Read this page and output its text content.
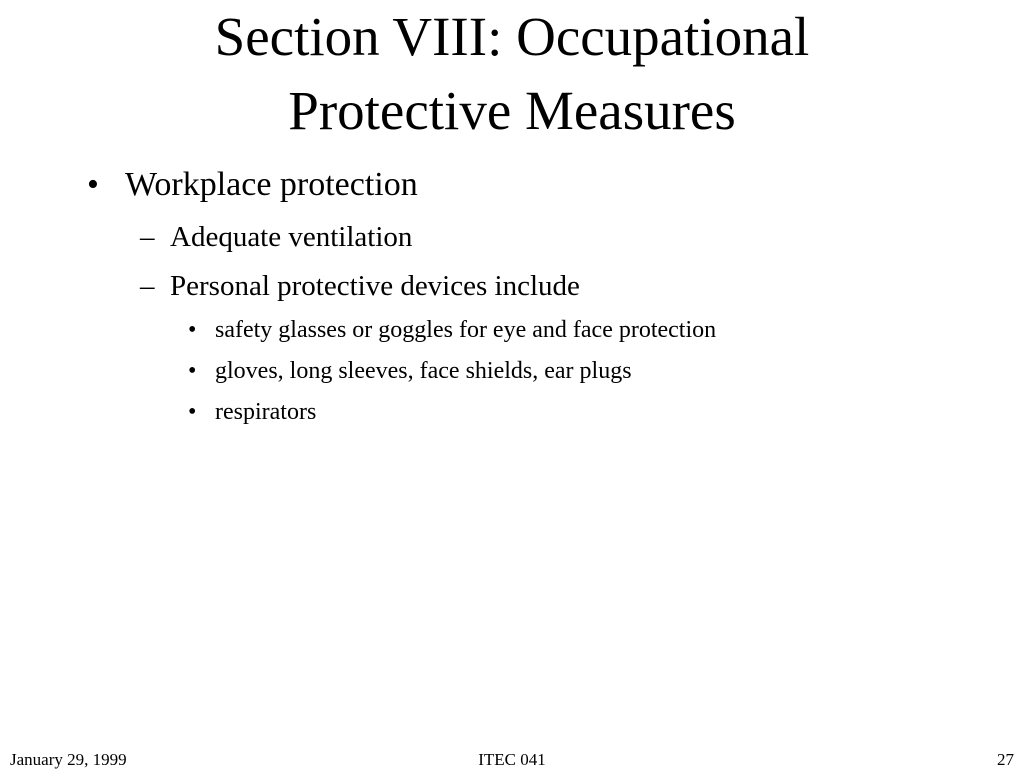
Section VIII: Occupational
Protective Measures
• Workplace protection
– Adequate ventilation
– Personal protective devices include
• safety glasses or goggles for eye and face protection
• gloves, long sleeves, face shields, ear plugs
• respirators
January 29, 1999	ITEC 041	27
